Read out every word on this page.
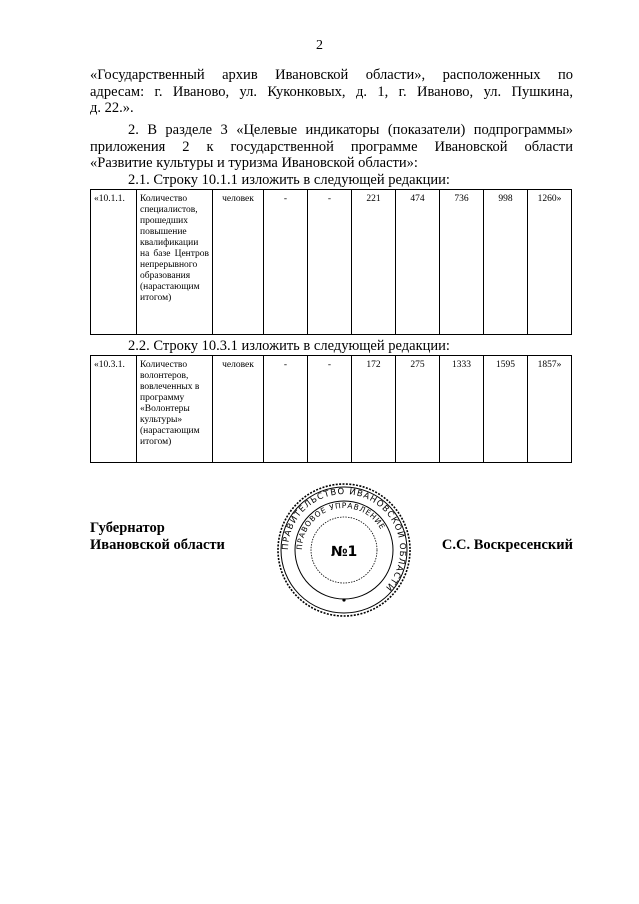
2
«Государственный архив Ивановской области», расположенных по
адресам: г. Иваново, ул. Куконковых, д. 1, г. Иваново, ул. Пушкина,
д. 22.».
2. В разделе 3 «Целевые индикаторы (показатели) подпрограммы»
приложения 2 к государственной программе Ивановской области
«Развитие культуры и туризма Ивановской области»:
2.1. Строку 10.1.1 изложить в следующей редакции:
«10.1.1.	Количество специалистов, прошедших повышение квалификации на базе Центров непрерывного образования (нарастающим итогом)	человек	-	-	221	474	736	998	1260»
2.2. Строку 10.3.1 изложить в следующей редакции:
«10.3.1.	Количество волонтеров, вовлеченных в программу «Волонтеры культуры» (нарастающим итогом)	человек	-	-	172	275	1333	1595	1857»
Губернатор
Ивановской области	С.С. Воскресенский
ПРАВИТЕЛЬСТВО ИВАНОВСКОЙ ОБЛАСТИ
ПРАВОВОЕ УПРАВЛЕНИЕ
№1
